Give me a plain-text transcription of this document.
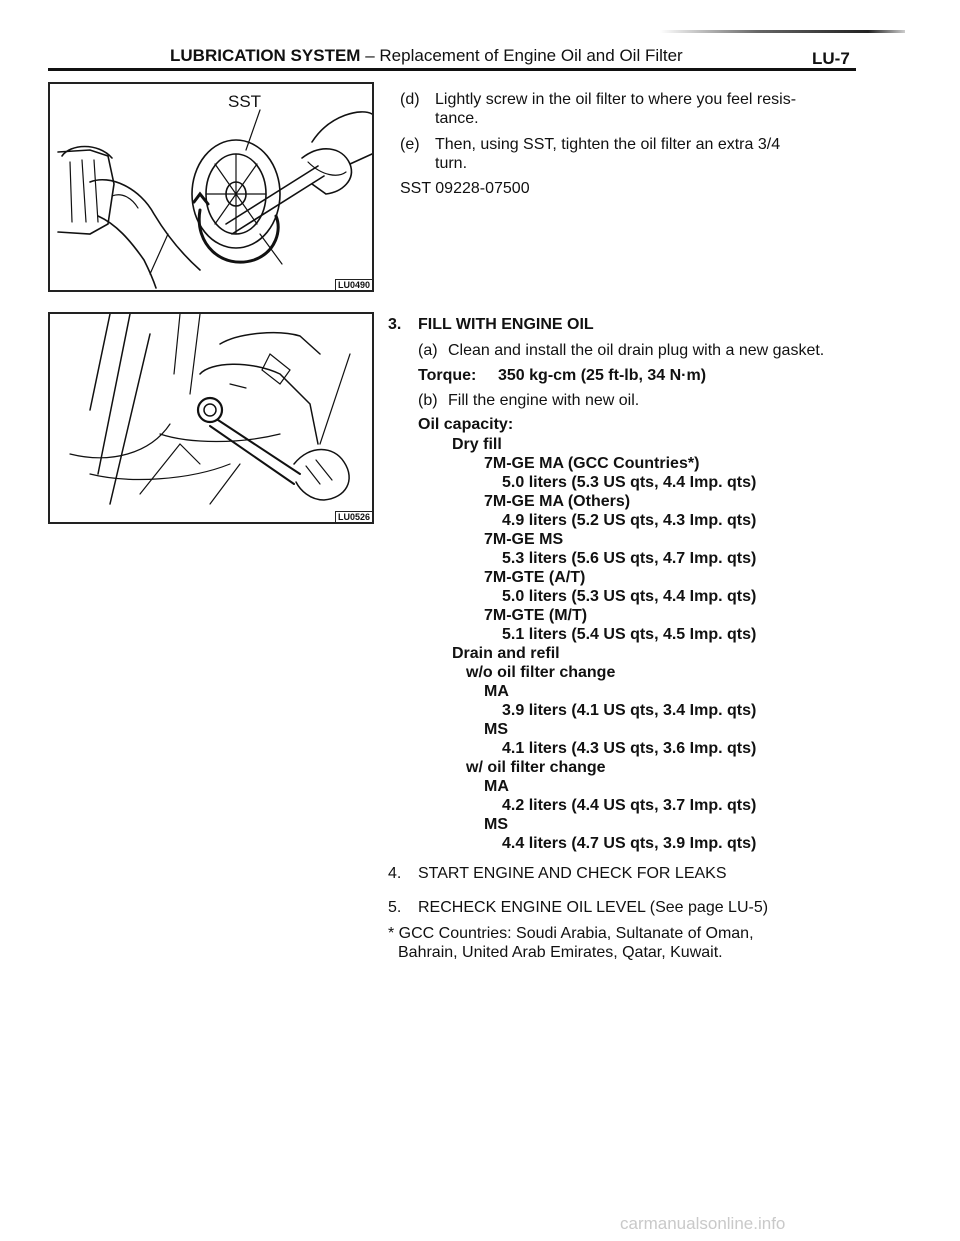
LUBRICATION SYSTEM – Replacement of Engine Oil and Oil Filter	LU-7
SST
LU0490
LU0526
(d) Lightly screw in the oil filter to where you feel resis-
tance.
(e) Then, using SST, tighten the oil filter an extra 3/4
turn.
SST 09228-07500
3. FILL WITH ENGINE OIL
(a) Clean and install the oil drain plug with a new gasket.
Torque: 350 kg-cm (25 ft-lb, 34 N·m)
(b) Fill the engine with new oil.
Oil capacity:
Dry fill
7M-GE MA (GCC Countries*)
5.0 liters (5.3 US qts, 4.4 Imp. qts)
7M-GE MA (Others)
4.9 liters (5.2 US qts, 4.3 Imp. qts)
7M-GE MS
5.3 liters (5.6 US qts, 4.7 Imp. qts)
7M-GTE (A/T)
5.0 liters (5.3 US qts, 4.4 Imp. qts)
7M-GTE (M/T)
5.1 liters (5.4 US qts, 4.5 Imp. qts)
Drain and refil
w/o oil filter change
MA
3.9 liters (4.1 US qts, 3.4 Imp. qts)
MS
4.1 liters (4.3 US qts, 3.6 Imp. qts)
w/ oil filter change
MA
4.2 liters (4.4 US qts, 3.7 Imp. qts)
MS
4.4 liters (4.7 US qts, 3.9 Imp. qts)
4. START ENGINE AND CHECK FOR LEAKS
5. RECHECK ENGINE OIL LEVEL (See page LU-5)
* GCC Countries: Soudi Arabia, Sultanate of Oman,
Bahrain, United Arab Emirates, Qatar, Kuwait.
carmanualsonline.info
